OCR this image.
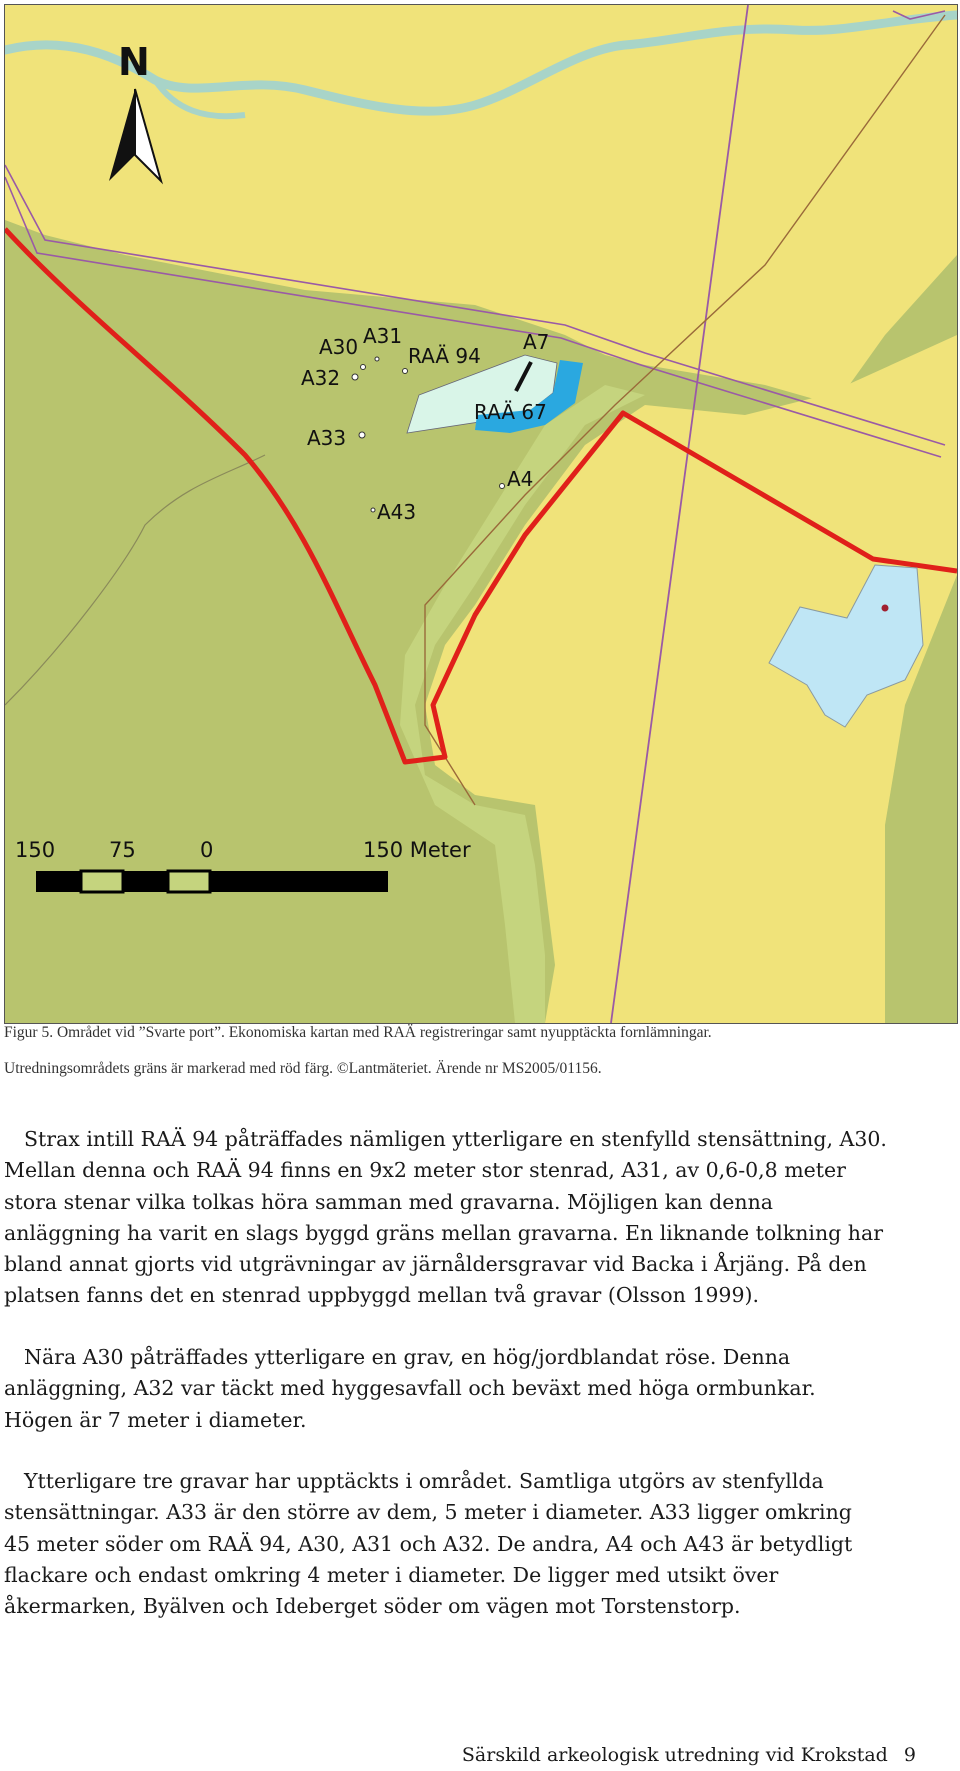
A30 A31
RAÄ 94
A7
A32
RAÄ 67
A33
A4
A43
N
150	75	0	150 Meter
Figur 5. Området vid ”Svarte port”. Ekonomiska kartan med RAÄ registreringar samt nyupptäckta fornlämningar.
Utredningsområdets gräns är markerad med röd färg. ©Lantmäteriet. Ärende nr MS2005/01156.
Strax intill RAÄ 94 påträffades nämligen ytterligare en stenfylld stensättning, A30.
Mellan denna och RAÄ 94 finns en 9x2 meter stor stenrad, A31, av 0,6-0,8 meter
stora stenar vilka tolkas höra samman med gravarna. Möjligen kan denna
anläggning ha varit en slags byggd gräns mellan gravarna. En liknande tolkning har
bland annat gjorts vid utgrävningar av järnåldersgravar vid Backa i Årjäng. På den
platsen fanns det en stenrad uppbyggd mellan två gravar (Olsson 1999).
Nära A30 påträffades ytterligare en grav, en hög/jordblandat röse. Denna
anläggning, A32 var täckt med hyggesavfall och beväxt med höga ormbunkar.
Högen är 7 meter i diameter.
Ytterligare tre gravar har upptäckts i området. Samtliga utgörs av stenfyllda
stensättningar. A33 är den större av dem, 5 meter i diameter. A33 ligger omkring
45 meter söder om RAÄ 94, A30, A31 och A32. De andra, A4 och A43 är betydligt
flackare och endast omkring 4 meter i diameter. De ligger med utsikt över
åkermarken, Byälven och Ideberget söder om vägen mot Torstenstorp.
Särskild arkeologisk utredning vid Krokstad 9
